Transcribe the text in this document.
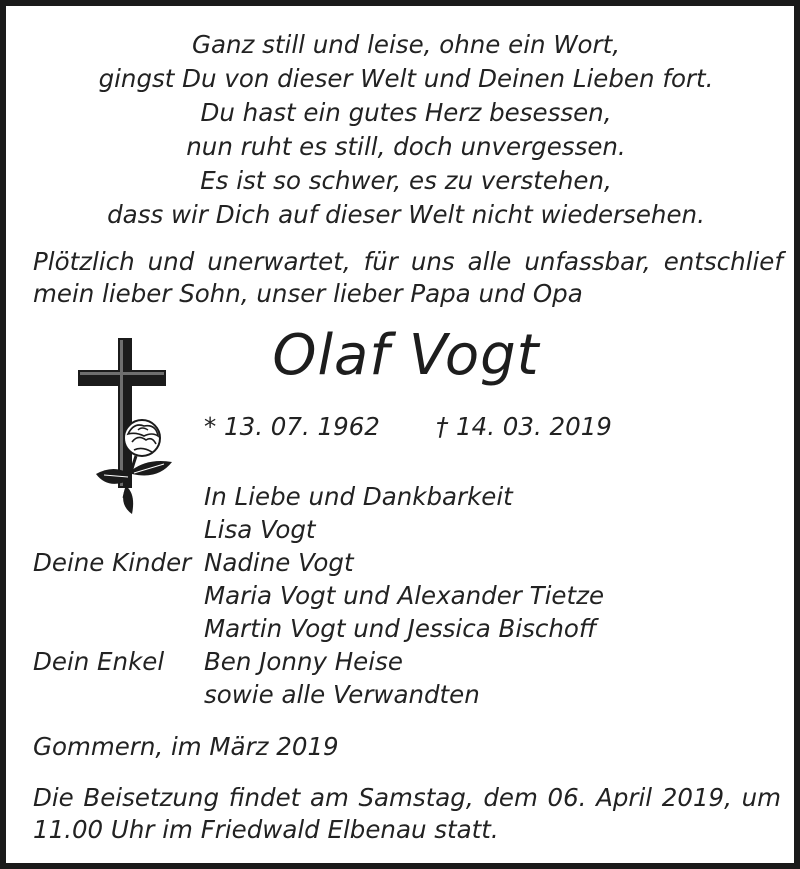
Ganz still und leise, ohne ein Wort,
gingst Du von dieser Welt und Deinen Lieben fort.
Du hast ein gutes Herz besessen,
nun ruht es still, doch unvergessen.
Es ist so schwer, es zu verstehen,
dass wir Dich auf dieser Welt nicht wiedersehen.
Plötzlich und unerwartet, für uns alle unfassbar, entschlief
mein lieber Sohn, unser lieber Papa und Opa
Olaf Vogt
* 13. 07. 1962 † 14. 03. 2019
In Liebe und Dankbarkeit
Lisa Vogt
Deine Kinder Nadine Vogt
Maria Vogt und Alexander Tietze
Martin Vogt und Jessica Bischoff
Dein Enkel Ben Jonny Heise
sowie alle Verwandten
Gommern, im März 2019
Die Beisetzung findet am Samstag, dem 06. April 2019, um
11.00 Uhr im Friedwald Elbenau statt.
